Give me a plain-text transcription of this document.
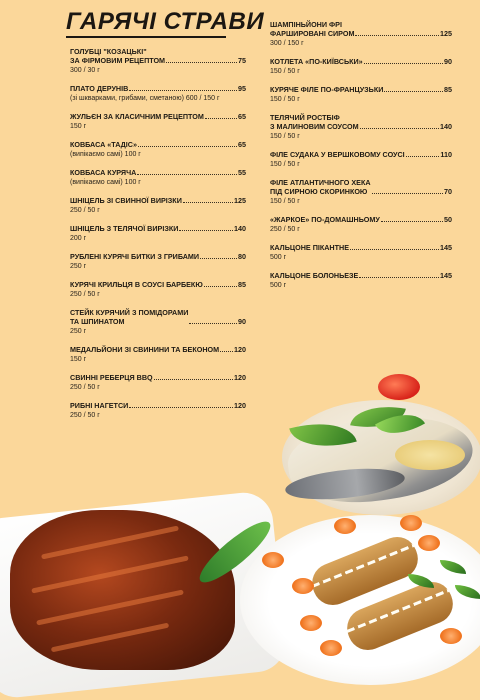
ГАРЯЧІ СТРАВИ
ГОЛУБЦІ "КОЗАЦЬКІ"
ЗА ФІРМОВИМ РЕЦЕПТОМ	75
300 / 30 г
ПЛАТО ДЕРУНІВ	95
(зі шкварками, грибами, сметаною) 600 / 150 г
ЖУЛЬЄН ЗА КЛАСИЧНИМ РЕЦЕПТОМ	65
150 г
КОВБАСА «ТАДІС»	65
(випікаємо самі) 100 г
КОВБАСА КУРЯЧА	55
(випікаємо самі) 100 г
ШНІЦЕЛЬ ЗІ СВИННОЇ ВИРІЗКИ	125
250 / 50 г
ШНІЦЕЛЬ З ТЕЛЯЧОЇ ВИРІЗКИ	140
200 г
РУБЛЕНІ КУРЯЧІ БИТКИ З ГРИБАМИ	80
250 г
КУРЯЧІ КРИЛЬЦЯ В СОУСІ БАРБЕКЮ	85
250 / 50 г
СТЕЙК КУРЯЧИЙ З ПОМІДОРАМИ
ТА ШПИНАТОМ	90
250 г
МЕДАЛЬЙОНИ ЗІ СВИНИНИ ТА БЕКОНОМ 120
150 г
СВИННІ РЕБЕРЦЯ BBQ	120
250 / 50 г
РИБНІ НАГЕТСИ	120
250 / 50 г
ШАМПІНЬЙОНИ ФРІ
ФАРШИРОВАНІ СИРОМ	125
300 / 150 г
КОТЛЕТА «ПО-КИЇВСЬКИ»	90
150 / 50 г
КУРЯЧЕ ФІЛЕ ПО-ФРАНЦУЗЬКИ	85
150 / 50 г
ТЕЛЯЧИЙ РОСТБІФ
З МАЛИНОВИМ СОУСОМ	140
150 / 50 г
ФІЛЕ СУДАКА У ВЕРШКОВОМУ СОУСІ	110
150 / 50 г
ФІЛЕ АТЛАНТИЧНОГО ХЕКА
ПІД СИРНОЮ СКОРИНКОЮ	70
150 / 50 г
«ЖАРКОЕ» ПО-ДОМАШНЬОМУ	50
250 / 50 г
КАЛЬЦОНЕ ПІКАНТНЕ	145
500 г
КАЛЬЦОНЕ БОЛОНЬЕЗЕ	145
500 г
